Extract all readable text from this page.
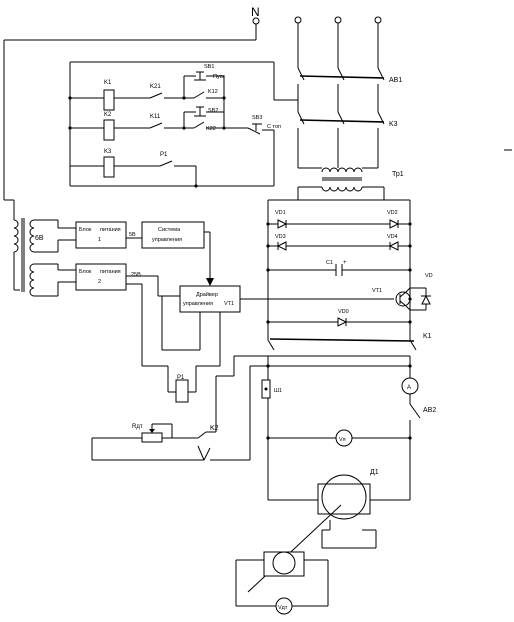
N
AB1
K3
Тр1
K1
K21
SB1
Пуск
K12
K2	K11
SB2
K22
SB3
С топ
K3	P1
6В
Блок питания
1
5В
Система
управления
Блок питания
2
25В
Драйвер
управления VT1
P1
VD1	VD2
VD3	VD4
C1 +
VT1
VD
VD0
K1
Ш1	A
AB2
Vя
Д1
Vдт
Rдт	K2
